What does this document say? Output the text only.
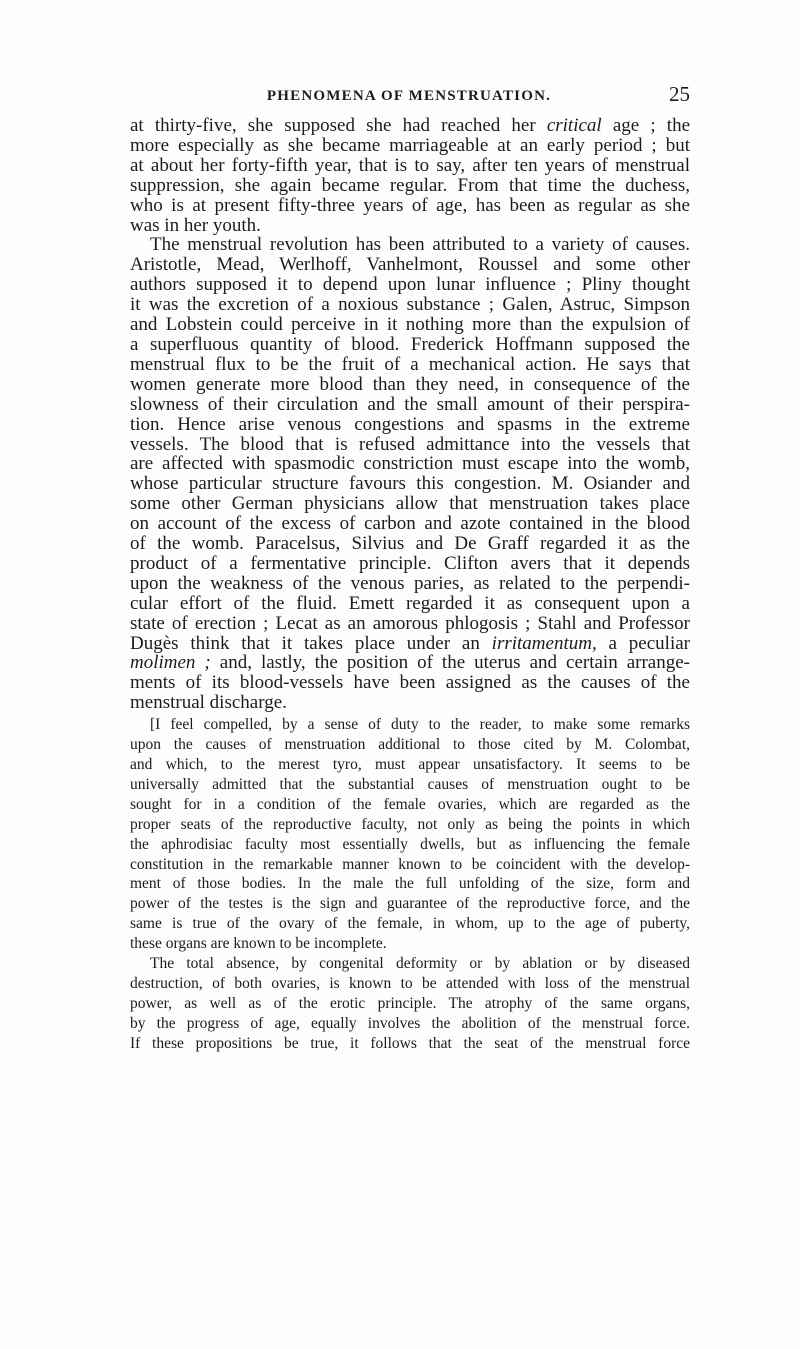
PHENOMENA OF MENSTRUATION.	25
at thirty-five, she supposed she had reached her critical age ; the
more especially as she became marriageable at an early period ; but
at about her forty-fifth year, that is to say, after ten years of menstrual
suppression, she again became regular. From that time the duchess,
who is at present fifty-three years of age, has been as regular as she
was in her youth.
The menstrual revolution has been attributed to a variety of causes.
Aristotle, Mead, Werlhoff, Vanhelmont, Roussel and some other
authors supposed it to depend upon lunar influence ; Pliny thought
it was the excretion of a noxious substance ; Galen, Astruc, Simpson
and Lobstein could perceive in it nothing more than the expulsion of
a superfluous quantity of blood. Frederick Hoffmann supposed the
menstrual flux to be the fruit of a mechanical action. He says that
women generate more blood than they need, in consequence of the
slowness of their circulation and the small amount of their perspira-
tion. Hence arise venous congestions and spasms in the extreme
vessels. The blood that is refused admittance into the vessels that
are affected with spasmodic constriction must escape into the womb,
whose particular structure favours this congestion. M. Osiander and
some other German physicians allow that menstruation takes place
on account of the excess of carbon and azote contained in the blood
of the womb. Paracelsus, Silvius and De Graff regarded it as the
product of a fermentative principle. Clifton avers that it depends
upon the weakness of the venous paries, as related to the perpendi-
cular effort of the fluid. Emett regarded it as consequent upon a
state of erection ; Lecat as an amorous phlogosis ; Stahl and Professor
Dugès think that it takes place under an irritamentum, a peculiar
molimen ; and, lastly, the position of the uterus and certain arrange-
ments of its blood-vessels have been assigned as the causes of the
menstrual discharge.
[I feel compelled, by a sense of duty to the reader, to make some remarks
upon the causes of menstruation additional to those cited by M. Colombat,
and which, to the merest tyro, must appear unsatisfactory. It seems to be
universally admitted that the substantial causes of menstruation ought to be
sought for in a condition of the female ovaries, which are regarded as the
proper seats of the reproductive faculty, not only as being the points in which
the aphrodisiac faculty most essentially dwells, but as influencing the female
constitution in the remarkable manner known to be coincident with the develop-
ment of those bodies. In the male the full unfolding of the size, form and
power of the testes is the sign and guarantee of the reproductive force, and the
same is true of the ovary of the female, in whom, up to the age of puberty,
these organs are known to be incomplete.
The total absence, by congenital deformity or by ablation or by diseased
destruction, of both ovaries, is known to be attended with loss of the menstrual
power, as well as of the erotic principle. The atrophy of the same organs,
by the progress of age, equally involves the abolition of the menstrual force.
If these propositions be true, it follows that the seat of the menstrual force
